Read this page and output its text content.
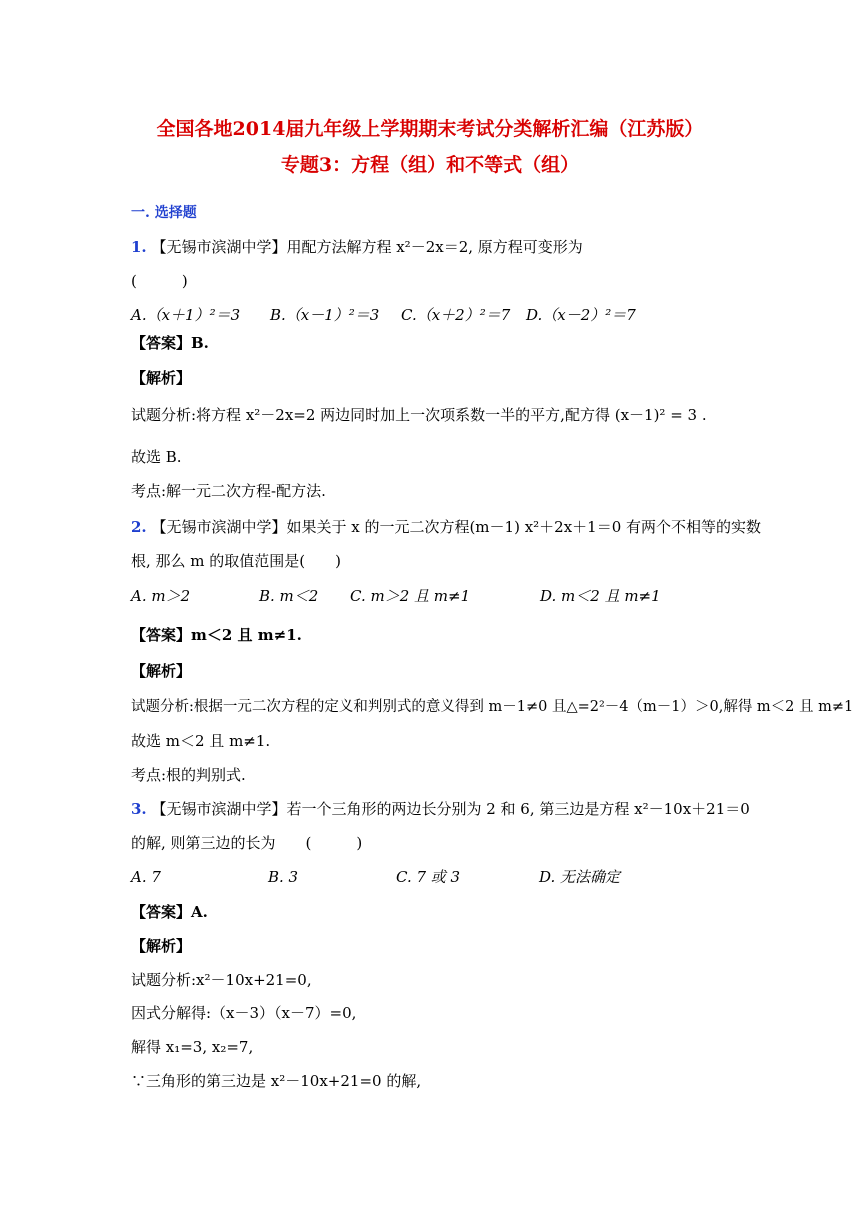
全国各地2014届九年级上学期期末考试分类解析汇编（江苏版）
专题3：方程（组）和不等式（组）
一. 选择题
1. 【无锡市滨湖中学】用配方法解方程 x²－2x＝2, 原方程可变形为
(　　　)
A.（x＋1）²＝3 B.（x－1）²＝3 C.（x＋2）²＝7 D.（x－2）²＝7
【答案】B.
【解析】
试题分析:将方程 x²－2x=2 两边同时加上一次项系数一半的平方,配方得 (x－1)² = 3 .
故选 B.
考点:解一元二次方程-配方法.
2. 【无锡市滨湖中学】如果关于 x 的一元二次方程(m－1) x²＋2x＋1＝0 有两个不相等的实数
根, 那么 m 的取值范围是(　　)
A. m＞2	B. m＜2 C. m＞2 且 m≠1	D. m＜2 且 m≠1
【答案】m＜2 且 m≠1.
【解析】
试题分析:根据一元二次方程的定义和判别式的意义得到 m－1≠0 且△=2²－4（m－1）＞0,解得 m＜2 且 m≠1
故选 m＜2 且 m≠1.
考点:根的判别式.
3. 【无锡市滨湖中学】若一个三角形的两边长分别为 2 和 6, 第三边是方程 x²－10x＋21＝0
的解, 则第三边的长为　　(　　　)
A. 7	B. 3	C. 7 或 3	D. 无法确定
【答案】A.
【解析】
试题分析:x²－10x+21=0,
因式分解得:（x－3）（x－7）=0,
解得 x₁=3, x₂=7,
∵三角形的第三边是 x²－10x+21=0 的解,
